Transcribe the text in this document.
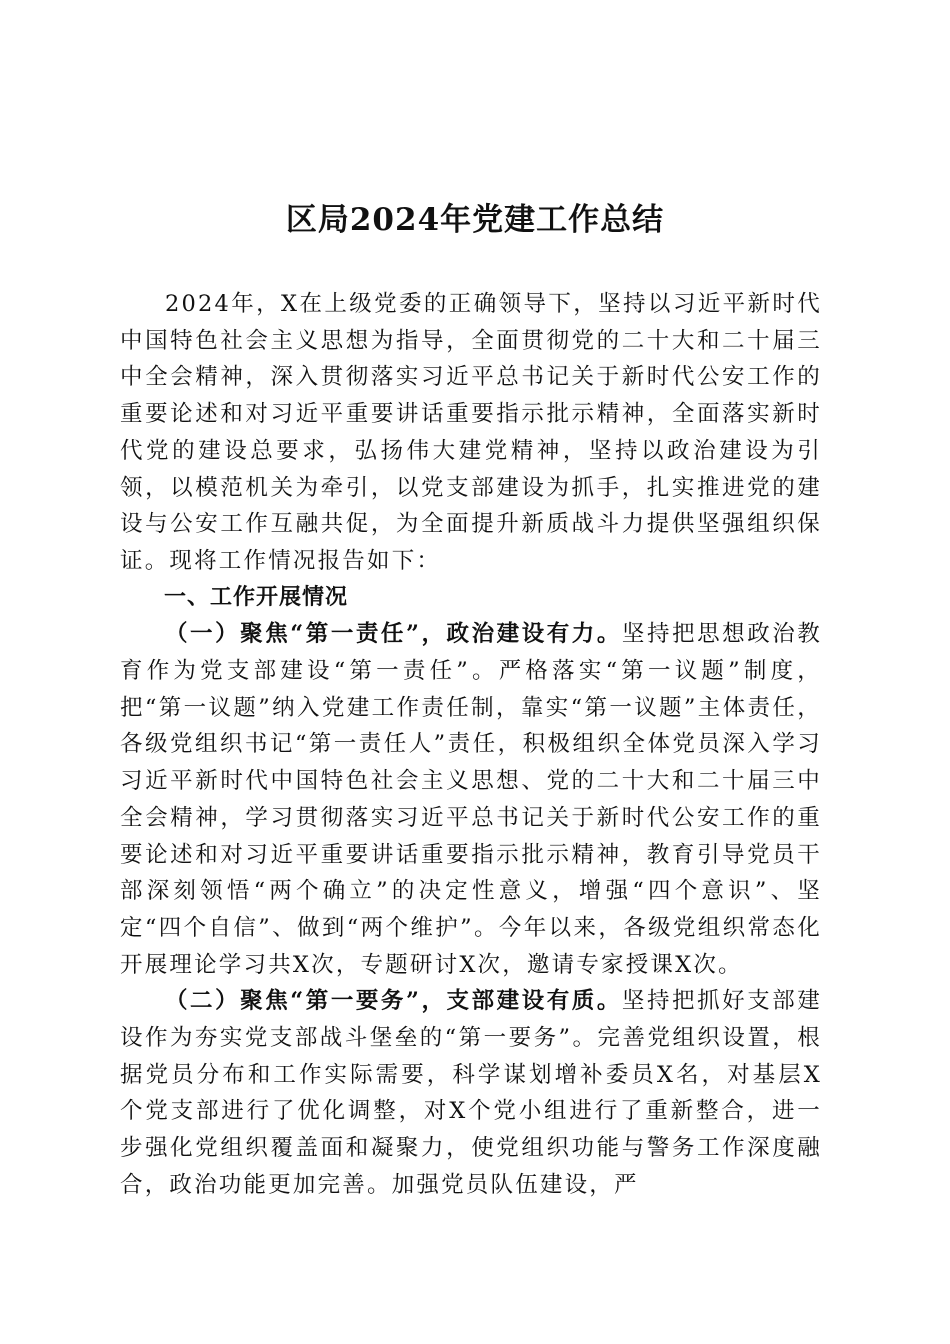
区局2024年党建工作总结

2024年，X在上级党委的正确领导下，坚持以习近平新时代中国特色社会主义思想为指导，全面贯彻党的二十大和二十届三中全会精神，深入贯彻落实习近平总书记关于新时代公安工作的重要论述和对习近平重要讲话重要指示批示精神，全面落实新时代党的建设总要求，弘扬伟大建党精神，坚持以政治建设为引领，以模范机关为牵引，以党支部建设为抓手，扎实推进党的建设与公安工作互融共促，为全面提升新质战斗力提供坚强组织保证。现将工作情况报告如下：

一、工作开展情况

（一）聚焦“第一责任”，政治建设有力。坚持把思想政治教育作为党支部建设“第一责任”。严格落实“第一议题”制度，把“第一议题”纳入党建工作责任制，靠实“第一议题”主体责任，各级党组织书记“第一责任人”责任，积极组织全体党员深入学习习近平新时代中国特色社会主义思想、党的二十大和二十届三中全会精神，学习贯彻落实习近平总书记关于新时代公安工作的重要论述和对习近平重要讲话重要指示批示精神，教育引导党员干部深刻领悟“两个确立”的决定性意义，增强“四个意识”、坚定“四个自信”、做到“两个维护”。今年以来，各级党组织常态化开展理论学习共X次，专题研讨X次，邀请专家授课X次。

（二）聚焦“第一要务”，支部建设有质。坚持把抓好支部建设作为夯实党支部战斗堡垒的“第一要务”。完善党组织设置，根据党员分布和工作实际需要，科学谋划增补委员X名，对基层X个党支部进行了优化调整，对X个党小组进行了重新整合，进一步强化党组织覆盖面和凝聚力，使党组织功能与警务工作深度融合，政治功能更加完善。加强党员队伍建设，严
